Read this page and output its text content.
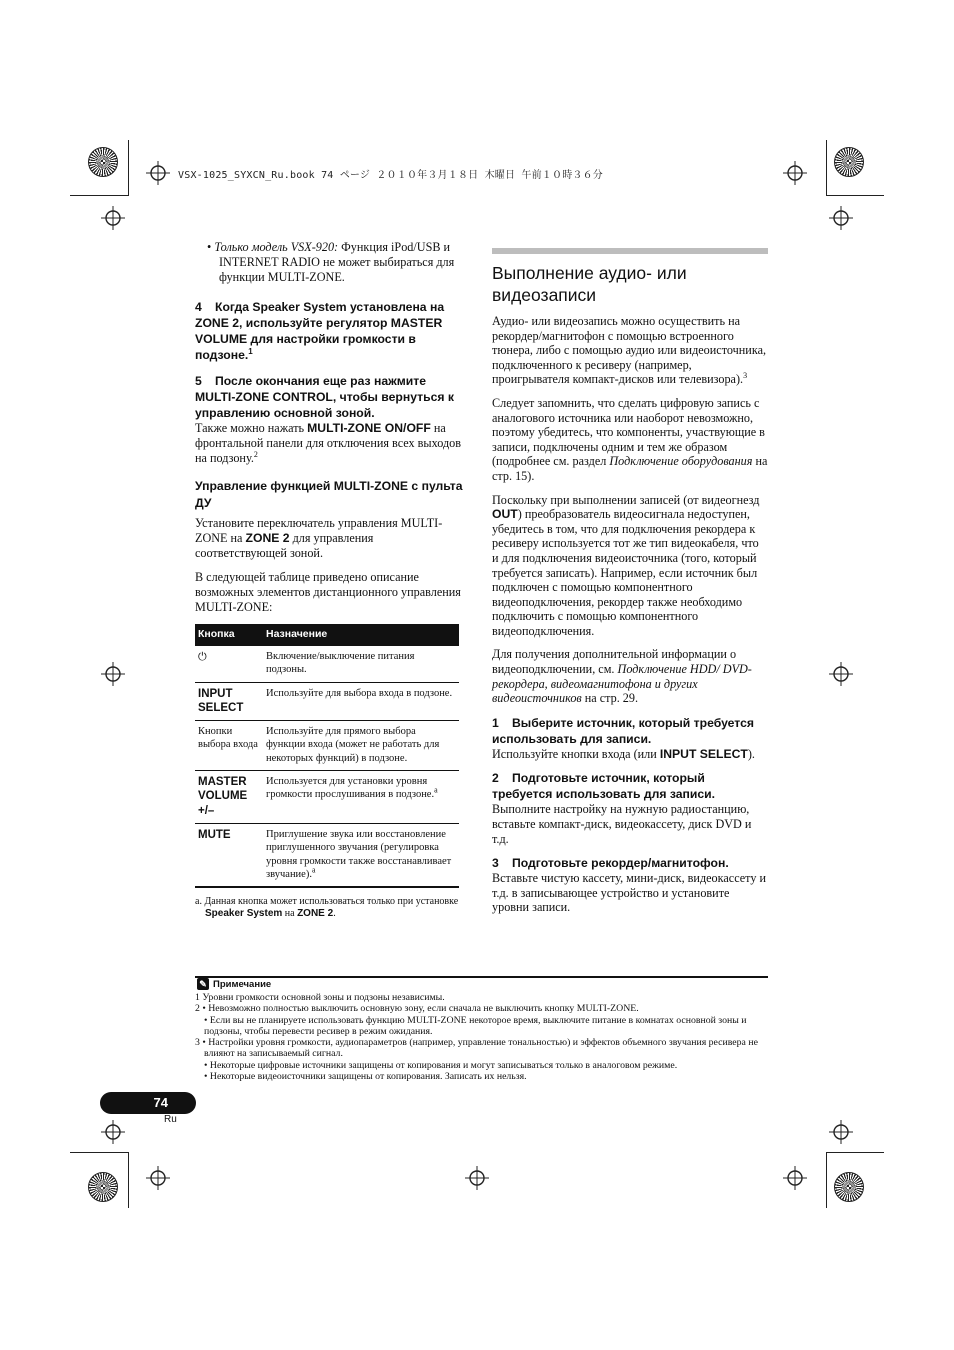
VSX-1025_SYXCN_Ru.book 74 ページ ２０１０年３月１８日 木曜日 午前１０時３６分
• Только модель VSX-920: Функция iPod/USB и INTERNET RADIO не может выбираться для функции MULTI-ZONE.
4 Когда Speaker System установлена на ZONE 2, используйте регулятор MASTER VOLUME для настройки громкости в подзоне.$^1$
5 После окончания еще раз нажмите MULTI-ZONE CONTROL, чтобы вернуться к управлению основной зоной.
Также можно нажать MULTI-ZONE ON/OFF на фронтальной панели для отключения всех выходов на подзону.$^2$
Управление функцией MULTI-ZONE с пульта ДУ
Установите переключатель управления MULTI-ZONE на ZONE 2 для управления соответствующей зоной.
В следующей таблице приведено описание возможных элементов дистанционного управления MULTI-ZONE:
Кнопка	Назначение
⏻	Включение/выключение питания подзоны.
INPUT SELECT	Используйте для выбора входа в подзоне.
Кнопки выбора входа	Используйте для прямого выбора функции входа (может не работать для некоторых функций) в подзоне.
MASTER VOLUME +/–	Используется для установки уровня громкости прослушивания в подзоне.$^a$
MUTE	Приглушение звука или восстановление приглушенного звучания (регулировка уровня громкости также восстанавливает звучание).$^a$
a. Данная кнопка может использоваться только при установке Speaker System на ZONE 2.
Выполнение аудио- или видеозаписи
Аудио- или видеозапись можно осуществить на рекордер/магнитофон с помощью встроенного тюнера, либо с помощью аудио или видеоисточника, подключенного к ресиверу (например, проигрывателя компакт-дисков или телевизора).$^3$
Следует запомнить, что сделать цифровую запись с аналогового источника или наоборот невозможно, поэтому убедитесь, что компоненты, участвующие в записи, подключены одним и тем же образом (подробнее см. раздел Подключение оборудования на стр. 15).
Поскольку при выполнении записей (от видеогнезд OUT) преобразователь видеосигнала недоступен, убедитесь в том, что для подключения рекордера к ресиверу используется тот же тип видеокабеля, что и для подключения видеоисточника (того, который требуется записать). Например, если источник был подключен с помощью компонентного видеоподключения, рекордер также необходимо подключить с помощью компонентного видеоподключения.
Для получения дополнительной информации о видеоподключении, см. Подключение HDD/ DVD-рекордера, видеомагнитофона и других видеоисточников на стр. 29.
1 Выберите источник, который требуется использовать для записи.
Используйте кнопки входа (или INPUT SELECT).
2 Подготовьте источник, который требуется использовать для записи.
Выполните настройку на нужную радиостанцию, вставьте компакт-диск, видеокассету, диск DVD и т.д.
3 Подготовьте рекордер/магнитофон.
Вставьте чистую кассету, мини-диск, видеокассету и т.д. в записывающее устройство и установите уровни записи.
✎ Примечание
1 Уровни громкости основной зоны и подзоны независимы.
2 • Невозможно полностью выключить основную зону, если сначала не выключить кнопку MULTI-ZONE.
• Если вы не планируете использовать функцию MULTI-ZONE некоторое время, выключите питание в комнатах основной зоны и подзоны, чтобы перевести ресивер в режим ожидания.
3 • Настройки уровня громкости, аудиопараметров (например, управление тональностью) и эффектов объемного звучания ресивера не влияют на записываемый сигнал.
• Некоторые цифровые источники защищены от копирования и могут записываться только в аналоговом режиме.
• Некоторые видеоисточники защищены от копирования. Записать их нельзя.
74
Ru
